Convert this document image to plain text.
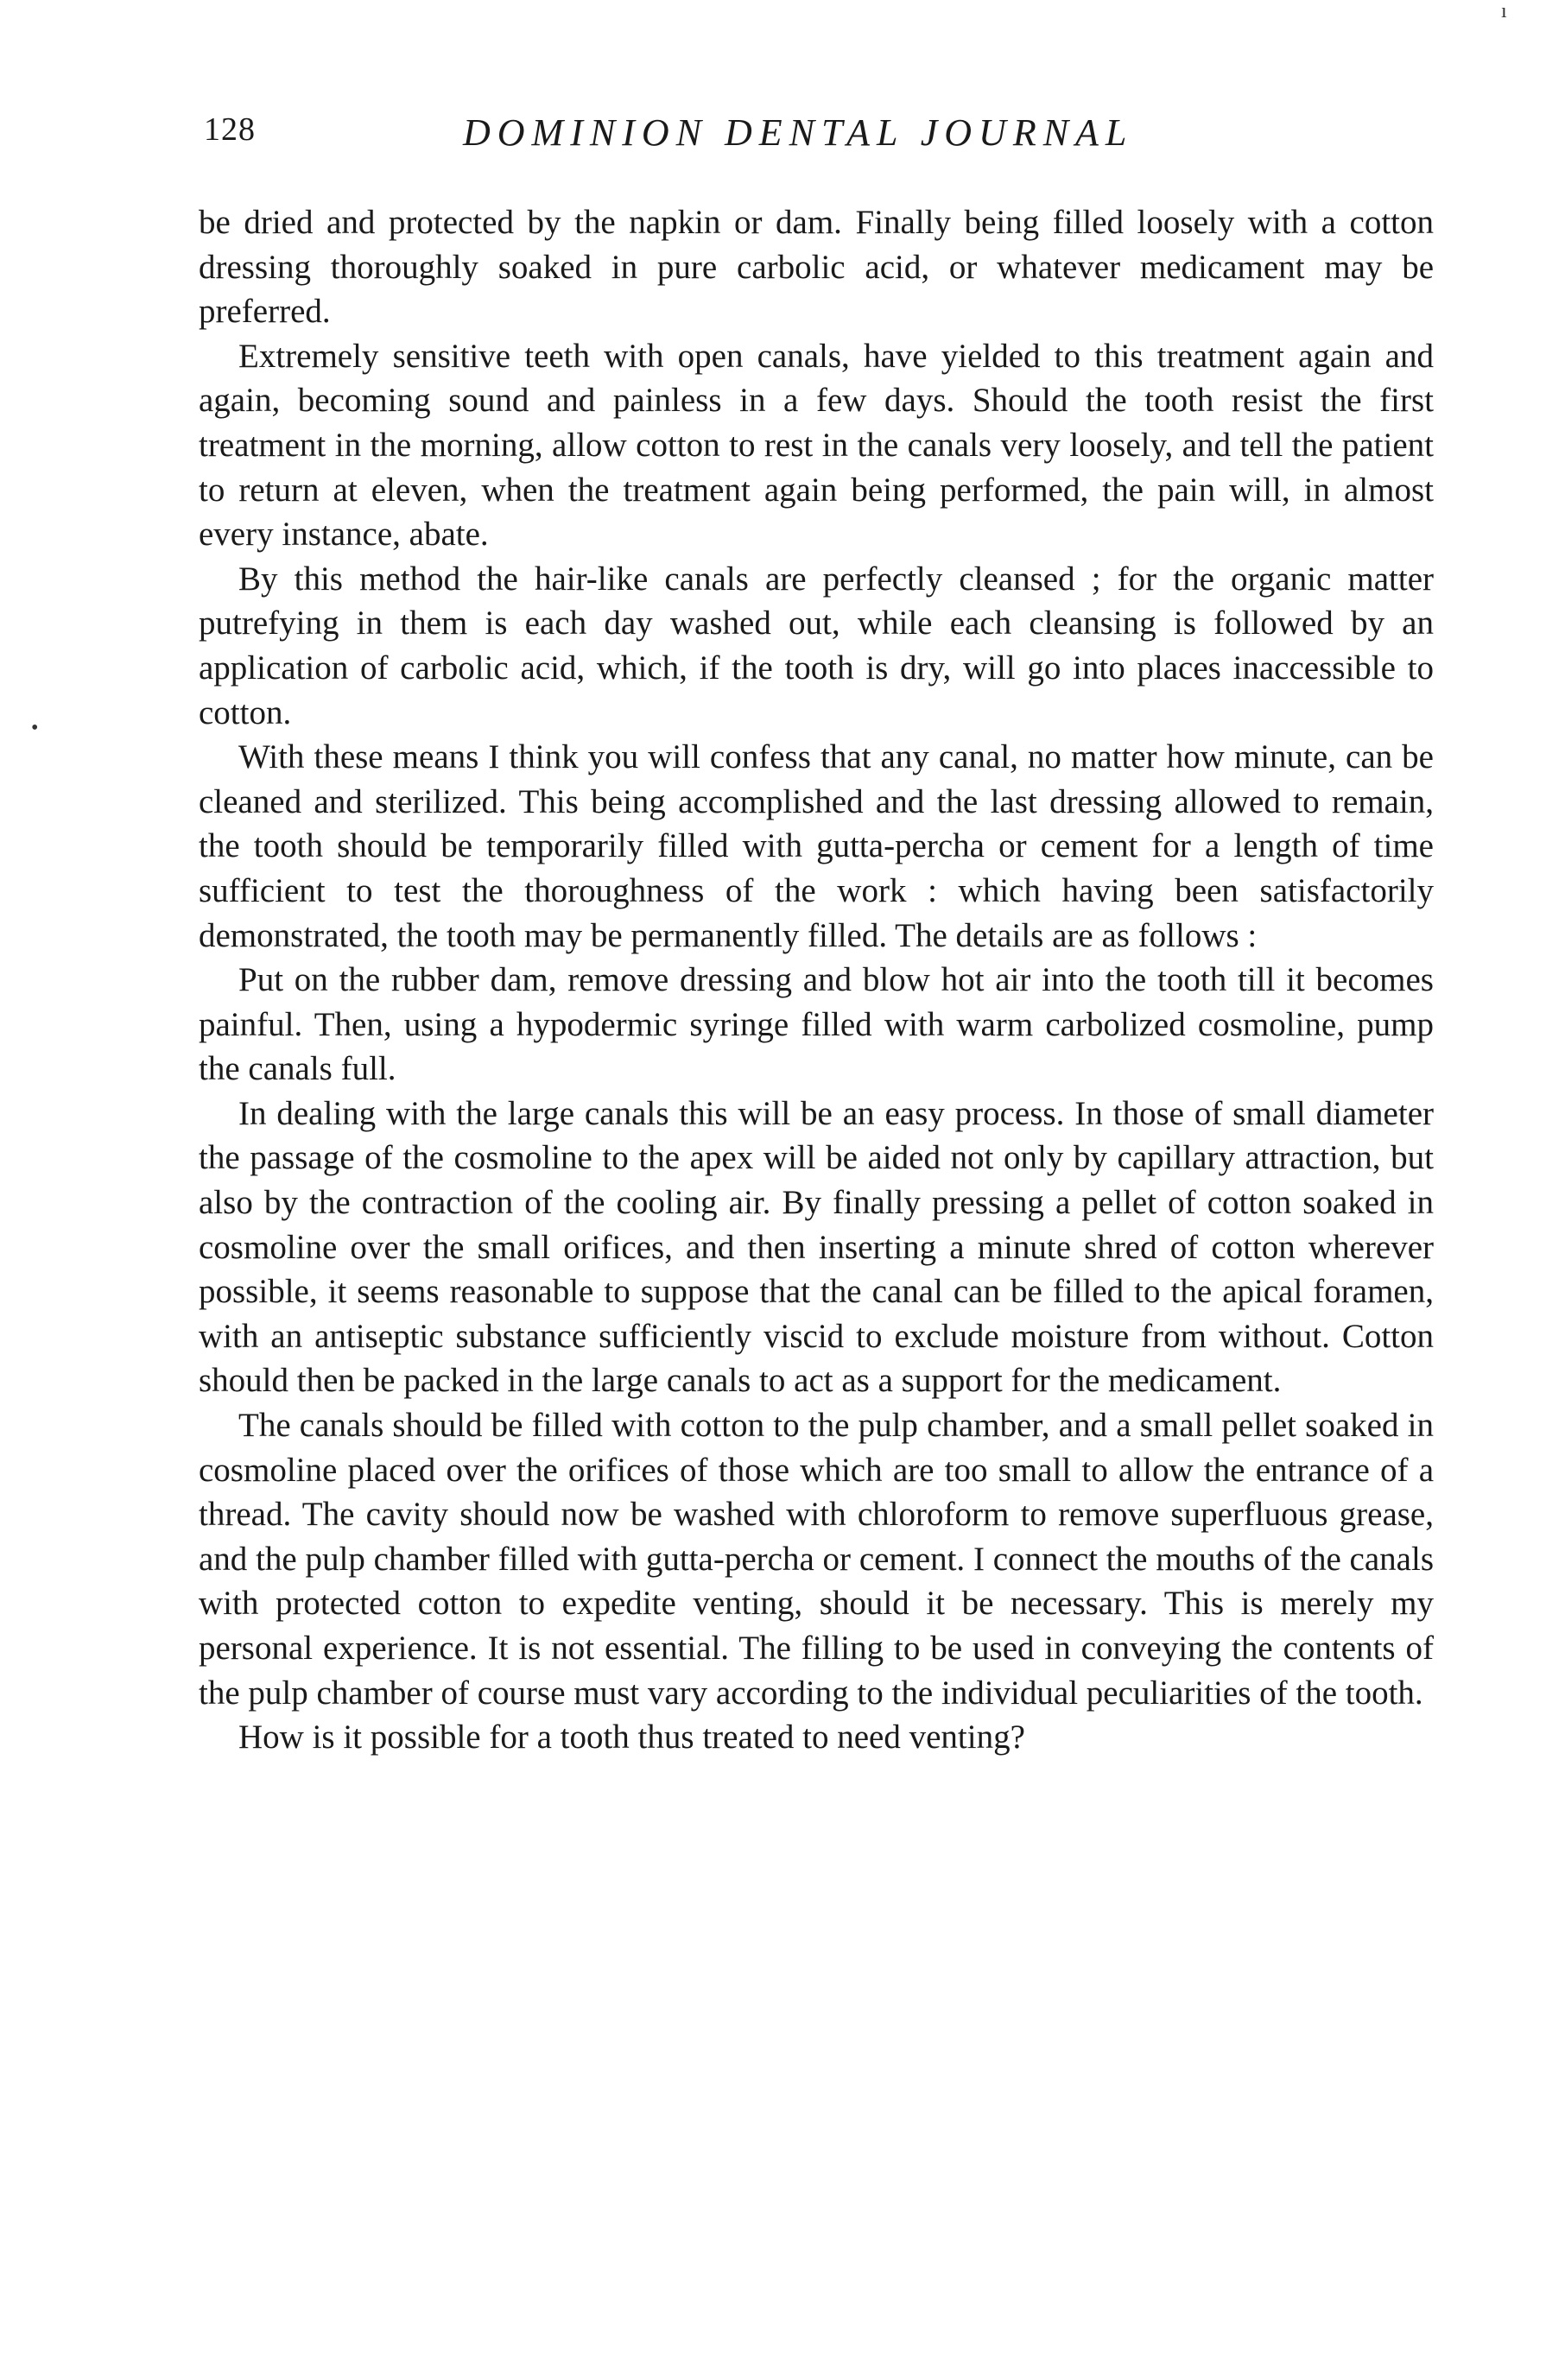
ı
•
128	DOMINION DENTAL JOURNAL

be dried and protected by the napkin or dam. Finally being filled loosely with a cotton dressing thoroughly soaked in pure carbolic acid, or whatever medicament may be preferred.

Extremely sensitive teeth with open canals, have yielded to this treatment again and again, becoming sound and painless in a few days. Should the tooth resist the first treatment in the morning, allow cotton to rest in the canals very loosely, and tell the patient to return at eleven, when the treatment again being performed, the pain will, in almost every instance, abate.

By this method the hair-like canals are perfectly cleansed ; for the organic matter putrefying in them is each day washed out, while each cleansing is followed by an application of carbolic acid, which, if the tooth is dry, will go into places inaccessible to cotton.

With these means I think you will confess that any canal, no matter how minute, can be cleaned and sterilized. This being accomplished and the last dressing allowed to remain, the tooth should be temporarily filled with gutta-percha or cement for a length of time sufficient to test the thoroughness of the work : which having been satisfactorily demonstrated, the tooth may be permanently filled. The details are as follows :

Put on the rubber dam, remove dressing and blow hot air into the tooth till it becomes painful. Then, using a hypodermic syringe filled with warm carbolized cosmoline, pump the canals full.

In dealing with the large canals this will be an easy process. In those of small diameter the passage of the cosmoline to the apex will be aided not only by capillary attraction, but also by the contraction of the cooling air. By finally pressing a pellet of cotton soaked in cosmoline over the small orifices, and then inserting a minute shred of cotton wherever possible, it seems reasonable to suppose that the canal can be filled to the apical foramen, with an antiseptic substance sufficiently viscid to exclude moisture from without. Cotton should then be packed in the large canals to act as a support for the medicament.

The canals should be filled with cotton to the pulp chamber, and a small pellet soaked in cosmoline placed over the orifices of those which are too small to allow the entrance of a thread. The cavity should now be washed with chloroform to remove superfluous grease, and the pulp chamber filled with gutta-percha or cement. I connect the mouths of the canals with protected cotton to expedite venting, should it be necessary. This is merely my personal experience. It is not essential. The filling to be used in conveying the contents of the pulp chamber of course must vary according to the individual peculiarities of the tooth.

How is it possible for a tooth thus treated to need venting?
